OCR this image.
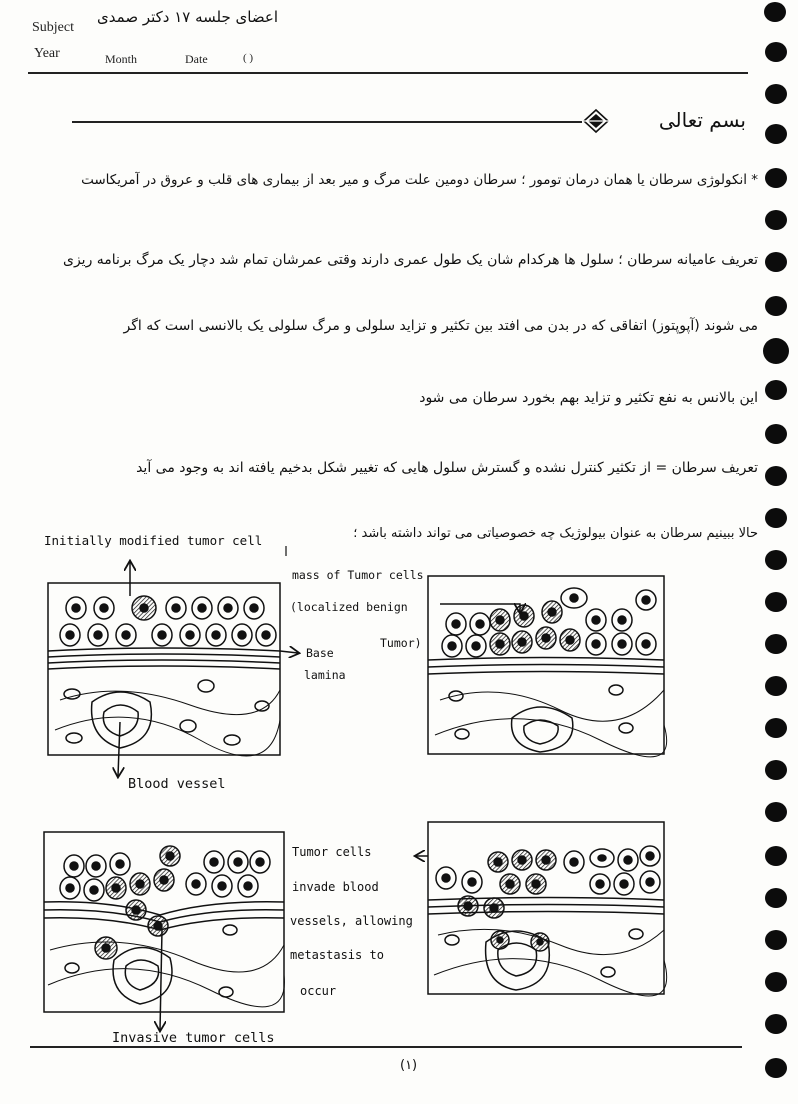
Subject
اعضای جلسه ۱۷ دکتر صمدی
Year	Month	Date	( )
بسم تعالی
* انکولوژی سرطان یا همان درمان تومور ؛ سرطان دومین علت مرگ و میر بعد از بیماری های قلب و عروق در آمریکاست
تعریف عامیانه سرطان ؛ سلول ها هرکدام شان یک طول عمری دارند وقتی عمرشان تمام شد دچار یک مرگ برنامه ریزی
می شوند (آپوپتوز) اتفاقی که در بدن می افتد بین تکثیر و تزاید سلولی و مرگ سلولی یک بالانسی است که اگر
این بالانس به نفع تکثیر و تزاید بهم بخورد سرطان می شود
تعریف سرطان = از تکثیر کنترل نشده و گسترش سلول هایی که تغییر شکل بدخیم یافته اند به وجود می آید
حالا ببینیم سرطان به عنوان بیولوژیک چه خصوصیاتی می تواند داشته باشد ؛
Initially modified tumor cell
mass of Tumor cells
(localized benign
Tumor)
Base
lamina
Blood vessel
Tumor cells
invade blood
vessels, allowing
metastasis to
occur
Invasive tumor cells
(۱)
